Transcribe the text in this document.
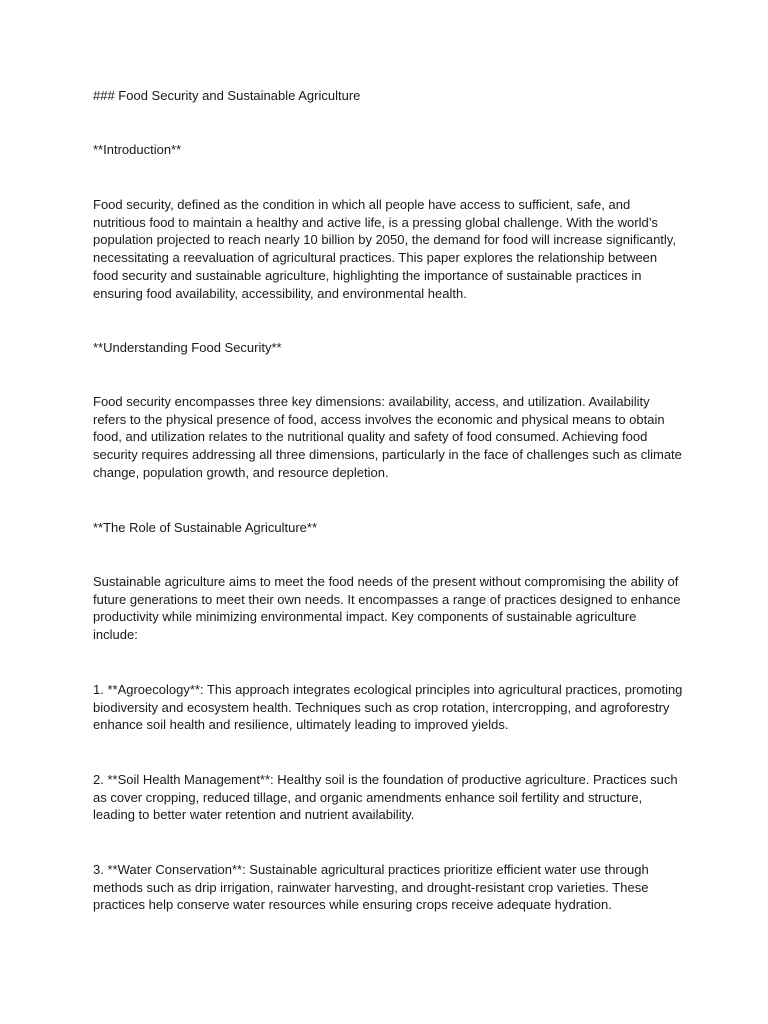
### Food Security and Sustainable Agriculture

**Introduction**

Food security, defined as the condition in which all people have access to sufficient, safe, and nutritious food to maintain a healthy and active life, is a pressing global challenge. With the world’s population projected to reach nearly 10 billion by 2050, the demand for food will increase significantly, necessitating a reevaluation of agricultural practices. This paper explores the relationship between food security and sustainable agriculture, highlighting the importance of sustainable practices in ensuring food availability, accessibility, and environmental health.

**Understanding Food Security**

Food security encompasses three key dimensions: availability, access, and utilization. Availability refers to the physical presence of food, access involves the economic and physical means to obtain food, and utilization relates to the nutritional quality and safety of food consumed. Achieving food security requires addressing all three dimensions, particularly in the face of challenges such as climate change, population growth, and resource depletion.

**The Role of Sustainable Agriculture**

Sustainable agriculture aims to meet the food needs of the present without compromising the ability of future generations to meet their own needs. It encompasses a range of practices designed to enhance productivity while minimizing environmental impact. Key components of sustainable agriculture include:

1. **Agroecology**: This approach integrates ecological principles into agricultural practices, promoting biodiversity and ecosystem health. Techniques such as crop rotation, intercropping, and agroforestry enhance soil health and resilience, ultimately leading to improved yields.

2. **Soil Health Management**: Healthy soil is the foundation of productive agriculture. Practices such as cover cropping, reduced tillage, and organic amendments enhance soil fertility and structure, leading to better water retention and nutrient availability.

3. **Water Conservation**: Sustainable agricultural practices prioritize efficient water use through methods such as drip irrigation, rainwater harvesting, and drought-resistant crop varieties. These practices help conserve water resources while ensuring crops receive adequate hydration.
